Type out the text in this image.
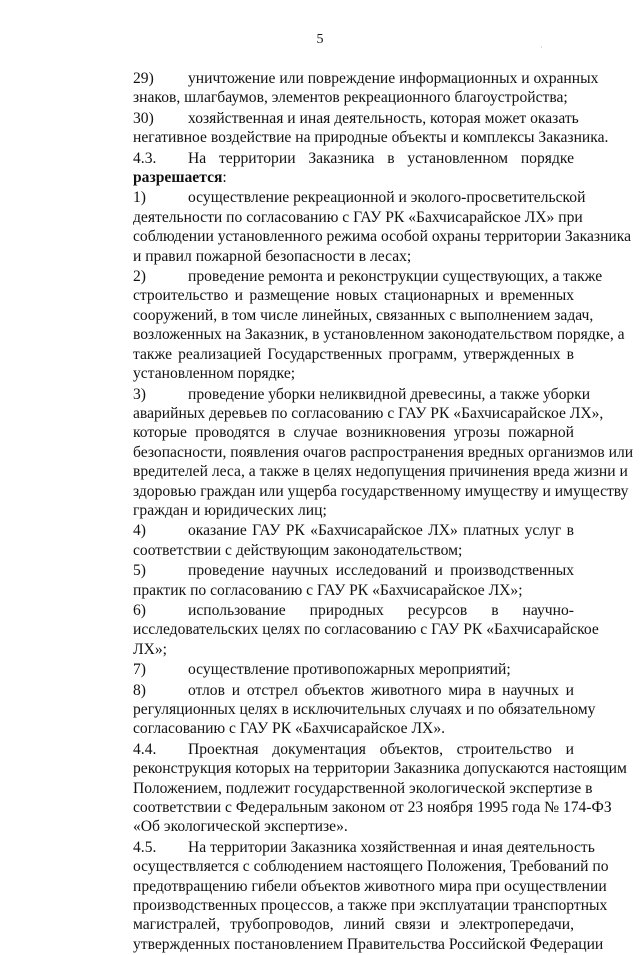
5
·
29) уничтожение или повреждение информационных и охранных
знаков, шлагбаумов, элементов рекреационного благоустройства;
30) хозяйственная и иная деятельность, которая может оказать
негативное воздействие на природные объекты и комплексы Заказника.
4.3. На территории Заказника в установленном порядке
разрешается:
1)	осуществление рекреационной и эколого-просветительской
деятельности по согласованию с ГАУ РК «Бахчисарайское ЛХ» при
соблюдении установленного режима особой охраны территории Заказника
и правил пожарной безопасности в лесах;
2)	проведение ремонта и реконструкции существующих, а также
строительство и размещение новых стационарных и временных
сооружений, в том числе линейных, связанных с выполнением задач,
возложенных на Заказник, в установленном законодательством порядке, а
также реализацией Государственных программ, утвержденных в
установленном порядке;
3)	проведение уборки неликвидной древесины, а также уборки
аварийных деревьев по согласованию с ГАУ РК «Бахчисарайское ЛХ»,
которые проводятся в случае возникновения угрозы пожарной
безопасности, появления очагов распространения вредных организмов или
вредителей леса, а также в целях недопущения причинения вреда жизни и
здоровью граждан или ущерба государственному имуществу и имуществу
граждан и юридических лиц;
4)	оказание ГАУ РК «Бахчисарайское ЛХ» платных услуг в
соответствии с действующим законодательством;
5)	проведение научных исследований и производственных
практик по согласованию с ГАУ РК «Бахчисарайское ЛХ»;
6)	использование природных ресурсов в научно-
исследовательских целях по согласованию с ГАУ РК «Бахчисарайское
ЛХ»;
7)	осуществление противопожарных мероприятий;
8)	отлов и отстрел объектов животного мира в научных и
регуляционных целях в исключительных случаях и по обязательному
согласованию с ГАУ РК «Бахчисарайское ЛХ».
4.4. Проектная документация объектов, строительство и
реконструкция которых на территории Заказника допускаются настоящим
Положением, подлежит государственной экологической экспертизе в
соответствии с Федеральным законом от 23 ноября 1995 года № 174-ФЗ
«Об экологической экспертизе».
4.5. На территории Заказника хозяйственная и иная деятельность
осуществляется с соблюдением настоящего Положения, Требований по
предотвращению гибели объектов животного мира при осуществлении
производственных процессов, а также при эксплуатации транспортных
магистралей, трубопроводов, линий связи и электропередачи,
утвержденных постановлением Правительства Российской Федерации
